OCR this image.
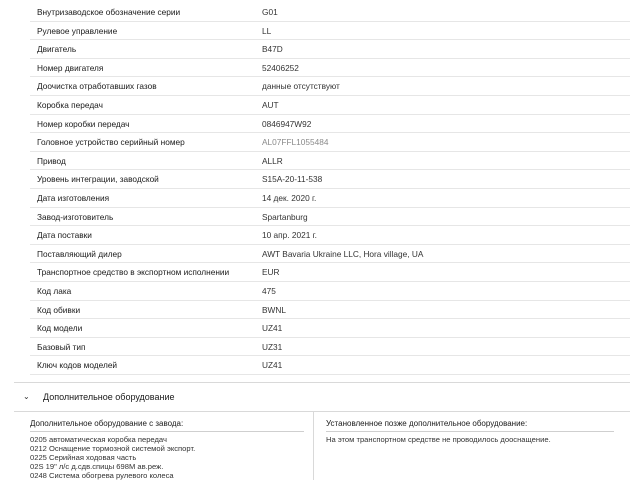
Внутризаводское обозначение серии	G01
Рулевое управление	LL
Двигатель	B47D
Номер двигателя	52406252
Доочистка отработавших газов	данные отсутствуют
Коробка передач	AUT
Номер коробки передач	0846947W92
Головное устройство серийный номер	AL07FFL1055484
Привод	ALLR
Уровень интеграции, заводской	S15A-20-11-538
Дата изготовления	14 дек. 2020 г.
Завод-изготовитель	Spartanburg
Дата поставки	10 апр. 2021 г.
Поставляющий дилер	AWT Bavaria Ukraine LLC, Hora village, UA
Транспортное средство в экспортном исполнении	EUR
Код лака	475
Код обивки	BWNL
Код модели	UZ41
Базовый тип	UZ31
Ключ кодов моделей	UZ41
⌄ Дополнительное оборудование
Дополнительное оборудование с завода:
0205 автоматическая коробка передач
0212 Оснащение тормозной системой экспорт.
0225 Серийная ходовая часть
02S 19" л/с д.сдв.спицы 698M ав.реж.
0248 Система обогрева рулевого колеса
Установленное позже дополнительное оборудование:
На этом транспортном средстве не проводилось дооснащение.
